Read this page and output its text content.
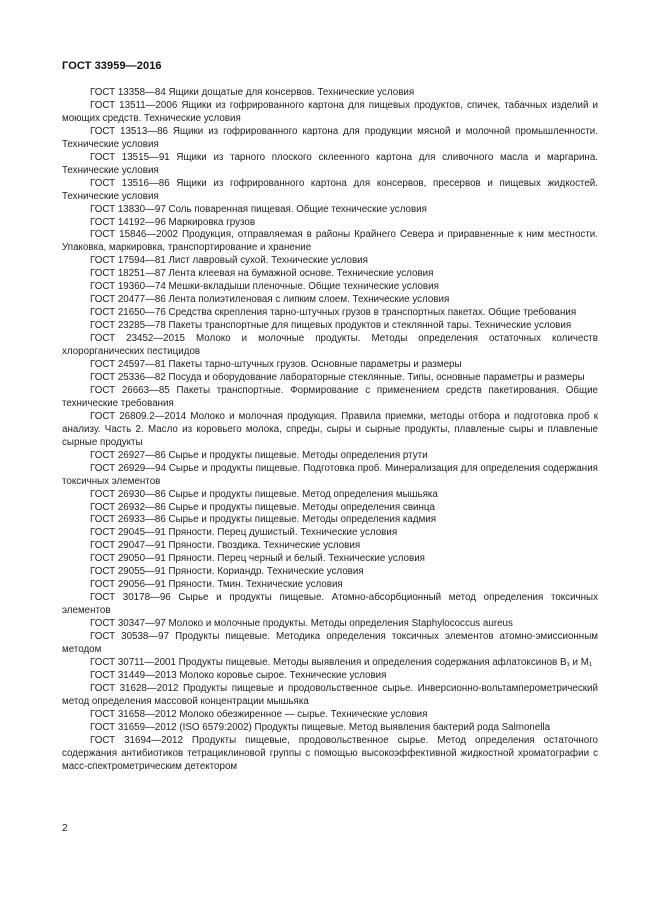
ГОСТ 33959—2016

ГОСТ 13358—84 Ящики дощатые для консервов. Технические условия

ГОСТ 13511—2006 Ящики из гофрированного картона для пищевых продуктов, спичек, табачных изделий и моющих средств. Технические условия

ГОСТ 13513—86 Ящики из гофрированного картона для продукции мясной и молочной промышленности. Технические условия

ГОСТ 13515—91 Ящики из тарного плоского склеенного картона для сливочного масла и маргарина. Технические условия

ГОСТ 13516—86 Ящики из гофрированного картона для консервов, пресервов и пищевых жидкостей. Технические условия

ГОСТ 13830—97 Соль поваренная пищевая. Общие технические условия

ГОСТ 14192—96 Маркировка грузов

ГОСТ 15846—2002 Продукция, отправляемая в районы Крайнего Севера и приравненные к ним местности. Упаковка, маркировка, транспортирование и хранение

ГОСТ 17594—81 Лист лавровый сухой. Технические условия

ГОСТ 18251—87 Лента клеевая на бумажной основе. Технические условия

ГОСТ 19360—74 Мешки-вкладыши пленочные. Общие технические условия

ГОСТ 20477—86 Лента полиэтиленовая с липким слоем. Технические условия

ГОСТ 21650—76 Средства скрепления тарно-штучных грузов в транспортных пакетах. Общие требования

ГОСТ 23285—78 Пакеты транспортные для пищевых продуктов и стеклянной тары. Технические условия

ГОСТ 23452—2015 Молоко и молочные продукты. Методы определения остаточных количеств хлорорганических пестицидов

ГОСТ 24597—81 Пакеты тарно-штучных грузов. Основные параметры и размеры

ГОСТ 25336—82 Посуда и оборудование лабораторные стеклянные. Типы, основные параметры и размеры

ГОСТ 26663—85 Пакеты транспортные. Формирование с применением средств пакетирования. Общие технические требования

ГОСТ 26809.2—2014 Молоко и молочная продукция. Правила приемки, методы отбора и подготовка проб к анализу. Часть 2. Масло из коровьего молока, спреды, сыры и сырные продукты, плавленые сыры и плавленые сырные продукты

ГОСТ 26927—86 Сырье и продукты пищевые. Методы определения ртути

ГОСТ 26929—94 Сырье и продукты пищевые. Подготовка проб. Минерализация для определения содержания токсичных элементов

ГОСТ 26930—86 Сырье и продукты пищевые. Метод определения мышьяка

ГОСТ 26932—86 Сырье и продукты пищевые. Методы определения свинца

ГОСТ 26933—86 Сырье и продукты пищевые. Методы определения кадмия

ГОСТ 29045—91 Пряности. Перец душистый. Технические условия

ГОСТ 29047—91 Пряности. Гвоздика. Технические условия

ГОСТ 29050—91 Пряности. Перец черный и белый. Технические условия

ГОСТ 29055—91 Пряности. Кориандр. Технические условия

ГОСТ 29056—91 Пряности. Тмин. Технические условия

ГОСТ 30178—96 Сырье и продукты пищевые. Атомно-абсорбционный метод определения токсичных элементов

ГОСТ 30347—97 Молоко и молочные продукты. Методы определения Staphylococcus aureus

ГОСТ 30538—97 Продукты пищевые. Методика определения токсичных элементов атомно-эмиссионным методом

ГОСТ 30711—2001 Продукты пищевые. Методы выявления и определения содержания афлатоксинов B₁ и M₁

ГОСТ 31449—2013 Молоко коровье сырое. Технические условия

ГОСТ 31628—2012 Продукты пищевые и продовольственное сырье. Инверсионно-вольтамперометрический метод определения массовой концентрации мышьяка

ГОСТ 31658—2012 Молоко обезжиренное — сырье. Технические условия

ГОСТ 31659—2012 (ISO 6579:2002) Продукты пищевые. Метод выявления бактерий рода Salmonella

ГОСТ 31694—2012 Продукты пищевые, продовольственное сырье. Метод определения остаточного содержания антибиотиков тетрациклиновой группы с помощью высокоэффективной жидкостной хроматографии с масс-спектрометрическим детектором

2
